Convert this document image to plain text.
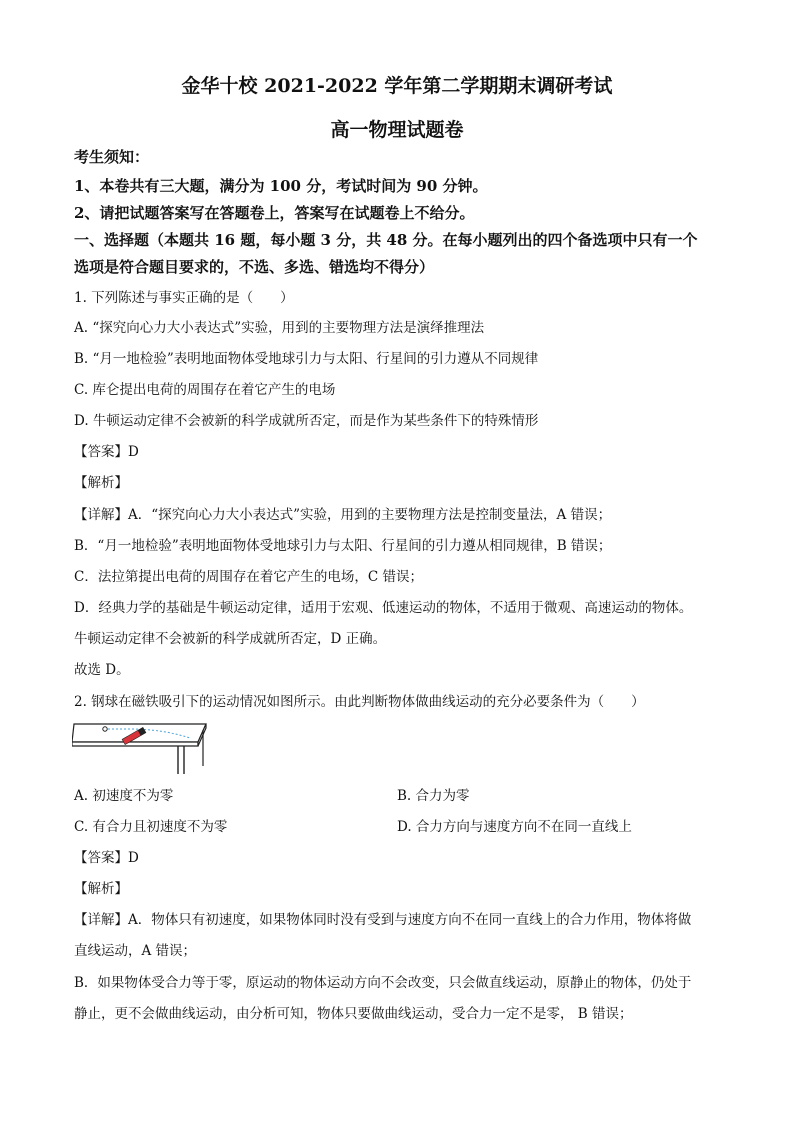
金华十校 2021-2022 学年第二学期期末调研考试
高一物理试题卷
考生须知：
1、本卷共有三大题，满分为 100 分，考试时间为 90 分钟。
2、请把试题答案写在答题卷上，答案写在试题卷上不给分。
一、选择题（本题共 16 题，每小题 3 分，共 48 分。在每小题列出的四个备选项中只有一个
选项是符合题目要求的，不选、多选、错选均不得分）
1. 下列陈述与事实正确的是（　　）
A. “探究向心力大小表达式”实验，用到的主要物理方法是演绎推理法
B. “月一地检验”表明地面物体受地球引力与太阳、行星间的引力遵从不同规律
C. 库仑提出电荷的周围存在着它产生的电场
D. 牛顿运动定律不会被新的科学成就所否定，而是作为某些条件下的特殊情形
【答案】D
【解析】
【详解】A．“探究向心力大小表达式”实验，用到的主要物理方法是控制变量法，A 错误；
B．“月一地检验”表明地面物体受地球引力与太阳、行星间的引力遵从相同规律，B 错误；
C．法拉第提出电荷的周围存在着它产生的电场，C 错误；
D．经典力学的基础是牛顿运动定律，适用于宏观、低速运动的物体，不适用于微观、高速运动的物体。
牛顿运动定律不会被新的科学成就所否定，D 正确。
故选 D。
2. 钢球在磁铁吸引下的运动情况如图所示。由此判断物体做曲线运动的充分必要条件为（　　）
A. 初速度不为零	B. 合力为零
C. 有合力且初速度不为零	D. 合力方向与速度方向不在同一直线上
【答案】D
【解析】
【详解】A．物体只有初速度，如果物体同时没有受到与速度方向不在同一直线上的合力作用，物体将做
直线运动，A 错误；
B．如果物体受合力等于零，原运动的物体运动方向不会改变，只会做直线运动，原静止的物体，仍处于
静止，更不会做曲线运动，由分析可知，物体只要做曲线运动，受合力一定不是零， B 错误；
